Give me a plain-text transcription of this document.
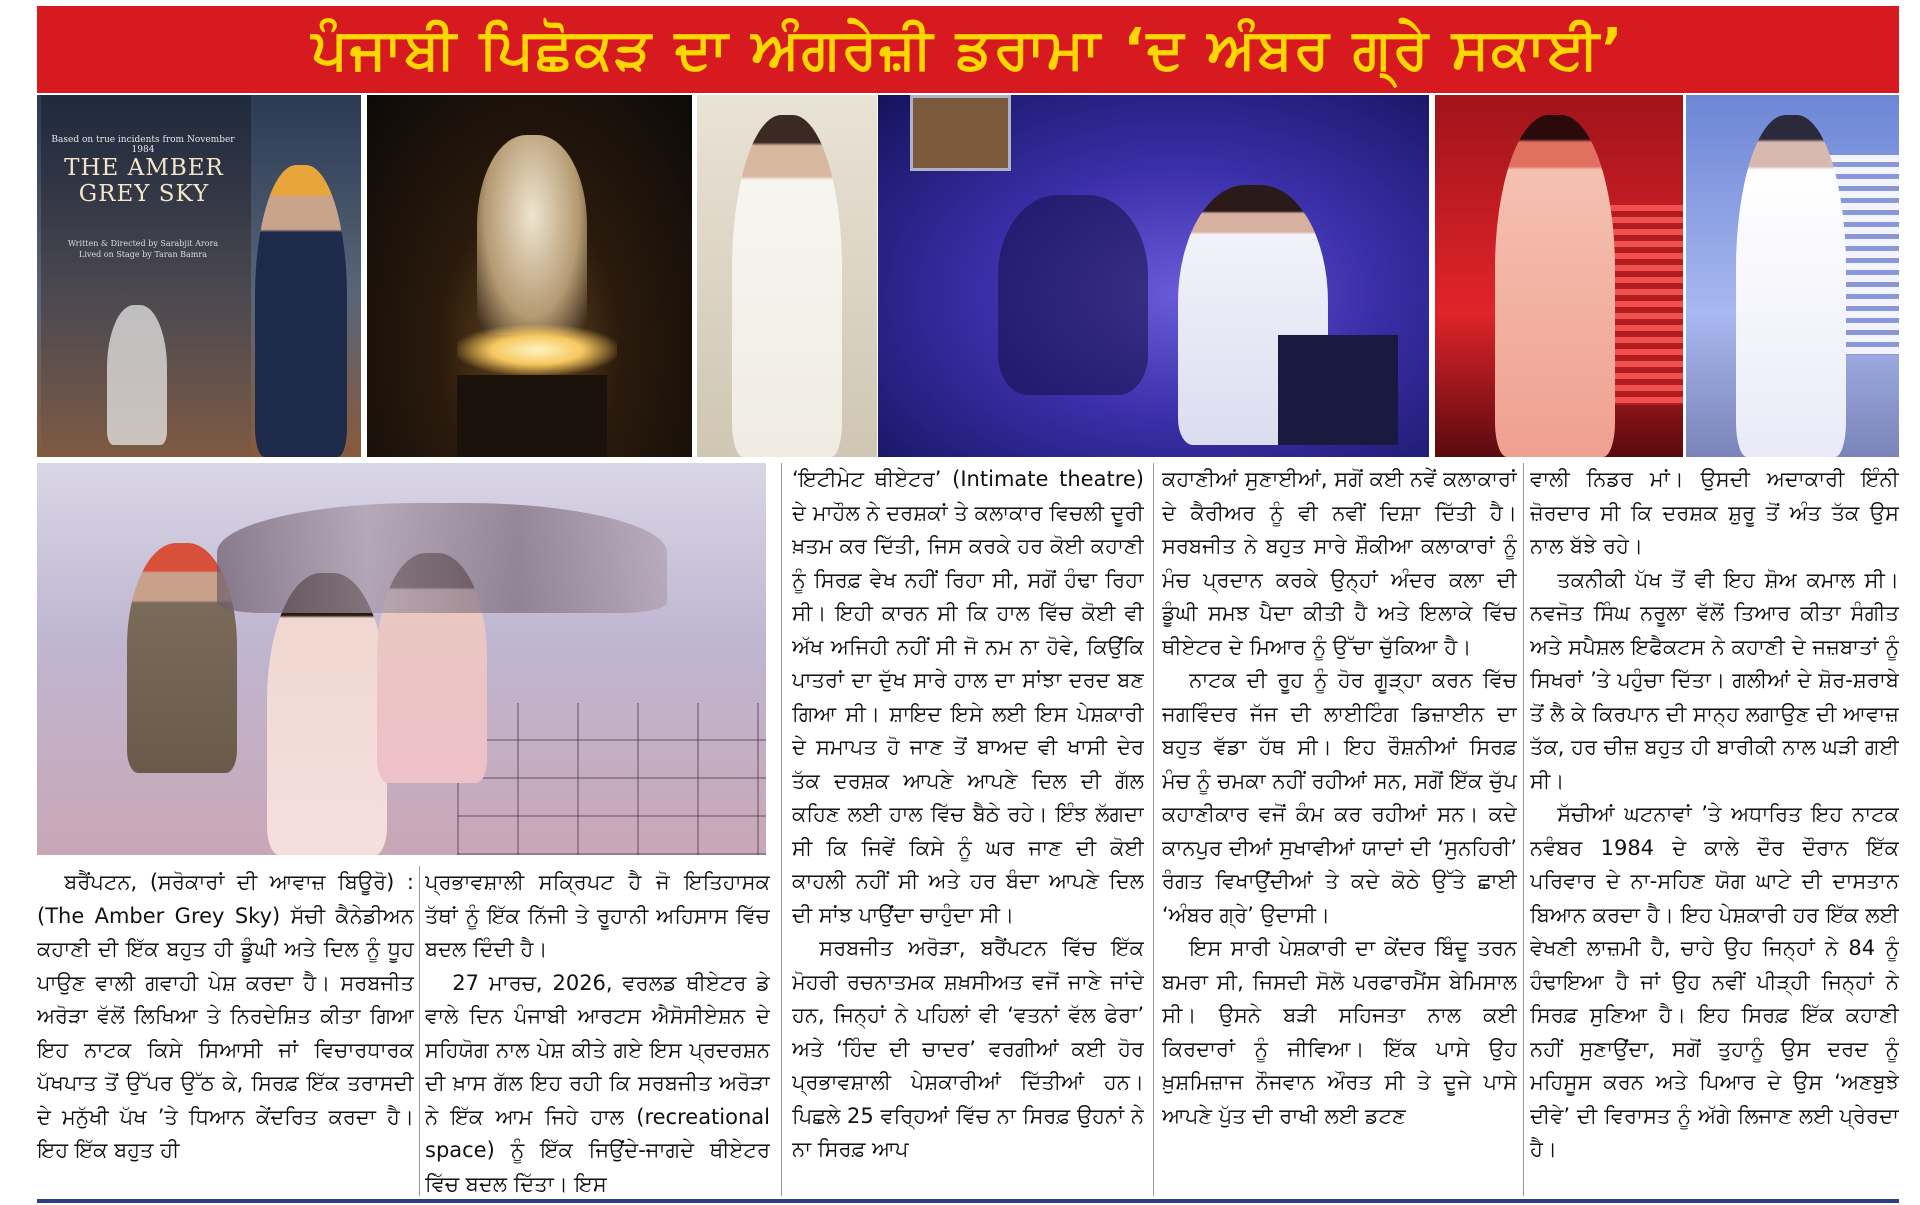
ਪੰਜਾਬੀ ਪਿਛੋਕੜ ਦਾ ਅੰਗਰੇਜ਼ੀ ਡਰਾਮਾ ‘ਦ ਅੰਬਰ ਗ੍ਰੇ ਸਕਾਈ’
Based on true incidents from November 1984
THE AMBER GREY SKY
Written & Directed by Sarabjit Arora
Lived on Stage by Taran Bamra

ਬਰੈਂਪਟਨ, (ਸਰੋਕਾਰਾਂ ਦੀ ਆਵਾਜ਼ ਬਿਊਰੋ) : (The Amber Grey Sky) ਸੱਚੀ ਕੈਨੇਡੀਅਨ ਕਹਾਣੀ ਦੀ ਇੱਕ ਬਹੁਤ ਹੀ ਡੂੰਘੀ ਅਤੇ ਦਿਲ ਨੂੰ ਧੂਹ ਪਾਉਣ ਵਾਲੀ ਗਵਾਹੀ ਪੇਸ਼ ਕਰਦਾ ਹੈ। ਸਰਬਜੀਤ ਅਰੋੜਾ ਵੱਲੋਂ ਲਿਖਿਆ ਤੇ ਨਿਰਦੇਸ਼ਿਤ ਕੀਤਾ ਗਿਆ ਇਹ ਨਾਟਕ ਕਿਸੇ ਸਿਆਸੀ ਜਾਂ ਵਿਚਾਰਧਾਰਕ ਪੱਖਪਾਤ ਤੋਂ ਉੱਪਰ ਉੱਠ ਕੇ, ਸਿਰਫ਼ ਇੱਕ ਤਰਾਸਦੀ ਦੇ ਮਨੁੱਖੀ ਪੱਖ ’ਤੇ ਧਿਆਨ ਕੇਂਦਰਿਤ ਕਰਦਾ ਹੈ। ਇਹ ਇੱਕ ਬਹੁਤ ਹੀ

ਪ੍ਰਭਾਵਸ਼ਾਲੀ ਸਕ੍ਰਿਪਟ ਹੈ ਜੋ ਇਤਿਹਾਸਕ ਤੱਥਾਂ ਨੂੰ ਇੱਕ ਨਿੱਜੀ ਤੇ ਰੂਹਾਨੀ ਅਹਿਸਾਸ ਵਿੱਚ ਬਦਲ ਦਿੰਦੀ ਹੈ।

27 ਮਾਰਚ, 2026, ਵਰਲਡ ਥੀਏਟਰ ਡੇ ਵਾਲੇ ਦਿਨ ਪੰਜਾਬੀ ਆਰਟਸ ਐਸੋਸੀਏਸ਼ਨ ਦੇ ਸਹਿਯੋਗ ਨਾਲ ਪੇਸ਼ ਕੀਤੇ ਗਏ ਇਸ ਪ੍ਰਦਰਸ਼ਨ ਦੀ ਖ਼ਾਸ ਗੱਲ ਇਹ ਰਹੀ ਕਿ ਸਰਬਜੀਤ ਅਰੋੜਾ ਨੇ ਇੱਕ ਆਮ ਜਿਹੇ ਹਾਲ (recreational space) ਨੂੰ ਇੱਕ ਜਿਉਂਦੇ-ਜਾਗਦੇ ਥੀਏਟਰ ਵਿੱਚ ਬਦਲ ਦਿੱਤਾ। ਇਸ

‘ਇਟੀਮੇਟ ਥੀਏਟਰ’ (Intimate theatre) ਦੇ ਮਾਹੌਲ ਨੇ ਦਰਸ਼ਕਾਂ ਤੇ ਕਲਾਕਾਰ ਵਿਚਲੀ ਦੂਰੀ ਖ਼ਤਮ ਕਰ ਦਿੱਤੀ, ਜਿਸ ਕਰਕੇ ਹਰ ਕੋਈ ਕਹਾਣੀ ਨੂੰ ਸਿਰਫ਼ ਵੇਖ ਨਹੀਂ ਰਿਹਾ ਸੀ, ਸਗੋਂ ਹੰਢਾ ਰਿਹਾ ਸੀ। ਇਹੀ ਕਾਰਨ ਸੀ ਕਿ ਹਾਲ ਵਿੱਚ ਕੋਈ ਵੀ ਅੱਖ ਅਜਿਹੀ ਨਹੀਂ ਸੀ ਜੋ ਨਮ ਨਾ ਹੋਵੇ, ਕਿਉਂਕਿ ਪਾਤਰਾਂ ਦਾ ਦੁੱਖ ਸਾਰੇ ਹਾਲ ਦਾ ਸਾਂਝਾ ਦਰਦ ਬਣ ਗਿਆ ਸੀ। ਸ਼ਾਇਦ ਇਸੇ ਲਈ ਇਸ ਪੇਸ਼ਕਾਰੀ ਦੇ ਸਮਾਪਤ ਹੋ ਜਾਣ ਤੋਂ ਬਾਅਦ ਵੀ ਖਾਸੀ ਦੇਰ ਤੱਕ ਦਰਸ਼ਕ ਆਪਣੇ ਆਪਣੇ ਦਿਲ ਦੀ ਗੱਲ ਕਹਿਣ ਲਈ ਹਾਲ ਵਿੱਚ ਬੈਠੇ ਰਹੇ। ਇੰਝ ਲੱਗਦਾ ਸੀ ਕਿ ਜਿਵੇਂ ਕਿਸੇ ਨੂੰ ਘਰ ਜਾਣ ਦੀ ਕੋਈ ਕਾਹਲੀ ਨਹੀਂ ਸੀ ਅਤੇ ਹਰ ਬੰਦਾ ਆਪਣੇ ਦਿਲ ਦੀ ਸਾਂਝ ਪਾਉਂਦਾ ਚਾਹੁੰਦਾ ਸੀ।

ਸਰਬਜੀਤ ਅਰੋੜਾ, ਬਰੈਂਪਟਨ ਵਿੱਚ ਇੱਕ ਮੋਹਰੀ ਰਚਨਾਤਮਕ ਸ਼ਖ਼ਸੀਅਤ ਵਜੋਂ ਜਾਣੇ ਜਾਂਦੇ ਹਨ, ਜਿਨ੍ਹਾਂ ਨੇ ਪਹਿਲਾਂ ਵੀ ‘ਵਤਨਾਂ ਵੱਲ ਫੇਰਾ’ ਅਤੇ ‘ਹਿੰਦ ਦੀ ਚਾਦਰ’ ਵਰਗੀਆਂ ਕਈ ਹੋਰ ਪ੍ਰਭਾਵਸ਼ਾਲੀ ਪੇਸ਼ਕਾਰੀਆਂ ਦਿੱਤੀਆਂ ਹਨ। ਪਿਛਲੇ 25 ਵਰ੍ਹਿਆਂ ਵਿੱਚ ਨਾ ਸਿਰਫ਼ ਉਹਨਾਂ ਨੇ ਨਾ ਸਿਰਫ਼ ਆਪ

ਕਹਾਣੀਆਂ ਸੁਣਾਈਆਂ, ਸਗੋਂ ਕਈ ਨਵੇਂ ਕਲਾਕਾਰਾਂ ਦੇ ਕੈਰੀਅਰ ਨੂੰ ਵੀ ਨਵੀਂ ਦਿਸ਼ਾ ਦਿੱਤੀ ਹੈ। ਸਰਬਜੀਤ ਨੇ ਬਹੁਤ ਸਾਰੇ ਸ਼ੌਕੀਆ ਕਲਾਕਾਰਾਂ ਨੂੰ ਮੰਚ ਪ੍ਰਦਾਨ ਕਰਕੇ ਉਨ੍ਹਾਂ ਅੰਦਰ ਕਲਾ ਦੀ ਡੂੰਘੀ ਸਮਝ ਪੈਦਾ ਕੀਤੀ ਹੈ ਅਤੇ ਇਲਾਕੇ ਵਿੱਚ ਥੀਏਟਰ ਦੇ ਮਿਆਰ ਨੂੰ ਉੱਚਾ ਚੁੱਕਿਆ ਹੈ।

ਨਾਟਕ ਦੀ ਰੂਹ ਨੂੰ ਹੋਰ ਗੂੜ੍ਹਾ ਕਰਨ ਵਿੱਚ ਜਗਵਿੰਦਰ ਜੱਜ ਦੀ ਲਾਈਟਿੰਗ ਡਿਜ਼ਾਈਨ ਦਾ ਬਹੁਤ ਵੱਡਾ ਹੱਥ ਸੀ। ਇਹ ਰੌਸ਼ਨੀਆਂ ਸਿਰਫ਼ ਮੰਚ ਨੂੰ ਚਮਕਾ ਨਹੀਂ ਰਹੀਆਂ ਸਨ, ਸਗੋਂ ਇੱਕ ਚੁੱਪ ਕਹਾਣੀਕਾਰ ਵਜੋਂ ਕੰਮ ਕਰ ਰਹੀਆਂ ਸਨ। ਕਦੇ ਕਾਨਪੁਰ ਦੀਆਂ ਸੁਖਾਵੀਆਂ ਯਾਦਾਂ ਦੀ ‘ਸੁਨਹਿਰੀ’ ਰੰਗਤ ਵਿਖਾਉਂਦੀਆਂ ਤੇ ਕਦੇ ਕੋਠੇ ਉੱਤੇ ਛਾਈ ‘ਅੰਬਰ ਗ੍ਰੇ’ ਉਦਾਸੀ।

ਇਸ ਸਾਰੀ ਪੇਸ਼ਕਾਰੀ ਦਾ ਕੇਂਦਰ ਬਿੰਦੂ ਤਰਨ ਬਮਰਾ ਸੀ, ਜਿਸਦੀ ਸੋਲੋ ਪਰਫਾਰਮੈਂਸ ਬੇਮਿਸਾਲ ਸੀ। ਉਸਨੇ ਬੜੀ ਸਹਿਜਤਾ ਨਾਲ ਕਈ ਕਿਰਦਾਰਾਂ ਨੂੰ ਜੀਵਿਆ। ਇੱਕ ਪਾਸੇ ਉਹ ਖ਼ੁਸ਼ਮਿਜ਼ਾਜ ਨੌਜਵਾਨ ਔਰਤ ਸੀ ਤੇ ਦੂਜੇ ਪਾਸੇ ਆਪਣੇ ਪੁੱਤ ਦੀ ਰਾਖੀ ਲਈ ਡਟਣ

ਵਾਲੀ ਨਿਡਰ ਮਾਂ। ਉਸਦੀ ਅਦਾਕਾਰੀ ਇੰਨੀ ਜ਼ੋਰਦਾਰ ਸੀ ਕਿ ਦਰਸ਼ਕ ਸ਼ੁਰੂ ਤੋਂ ਅੰਤ ਤੱਕ ਉਸ ਨਾਲ ਬੱਝੇ ਰਹੇ।

ਤਕਨੀਕੀ ਪੱਖ ਤੋਂ ਵੀ ਇਹ ਸ਼ੋਅ ਕਮਾਲ ਸੀ। ਨਵਜੋਤ ਸਿੰਘ ਨਰੂਲਾ ਵੱਲੋਂ ਤਿਆਰ ਕੀਤਾ ਸੰਗੀਤ ਅਤੇ ਸਪੈਸ਼ਲ ਇਫੈਕਟਸ ਨੇ ਕਹਾਣੀ ਦੇ ਜਜ਼ਬਾਤਾਂ ਨੂੰ ਸਿਖਰਾਂ ’ਤੇ ਪਹੁੰਚਾ ਦਿੱਤਾ। ਗਲੀਆਂ ਦੇ ਸ਼ੋਰ-ਸ਼ਰਾਬੇ ਤੋਂ ਲੈ ਕੇ ਕਿਰਪਾਨ ਦੀ ਸਾਨ੍ਹ ਲਗਾਉਣ ਦੀ ਆਵਾਜ਼ ਤੱਕ, ਹਰ ਚੀਜ਼ ਬਹੁਤ ਹੀ ਬਾਰੀਕੀ ਨਾਲ ਘੜੀ ਗਈ ਸੀ।

ਸੱਚੀਆਂ ਘਟਨਾਵਾਂ ’ਤੇ ਅਧਾਰਿਤ ਇਹ ਨਾਟਕ ਨਵੰਬਰ 1984 ਦੇ ਕਾਲੇ ਦੌਰ ਦੌਰਾਨ ਇੱਕ ਪਰਿਵਾਰ ਦੇ ਨਾ-ਸਹਿਣ ਯੋਗ ਘਾਟੇ ਦੀ ਦਾਸਤਾਨ ਬਿਆਨ ਕਰਦਾ ਹੈ। ਇਹ ਪੇਸ਼ਕਾਰੀ ਹਰ ਇੱਕ ਲਈ ਵੇਖਣੀ ਲਾਜ਼ਮੀ ਹੈ, ਚਾਹੇ ਉਹ ਜਿਨ੍ਹਾਂ ਨੇ 84 ਨੂੰ ਹੰਢਾਇਆ ਹੈ ਜਾਂ ਉਹ ਨਵੀਂ ਪੀੜ੍ਹੀ ਜਿਨ੍ਹਾਂ ਨੇ ਸਿਰਫ਼ ਸੁਣਿਆ ਹੈ। ਇਹ ਸਿਰਫ਼ ਇੱਕ ਕਹਾਣੀ ਨਹੀਂ ਸੁਣਾਉਂਦਾ, ਸਗੋਂ ਤੁਹਾਨੂੰ ਉਸ ਦਰਦ ਨੂੰ ਮਹਿਸੂਸ ਕਰਨ ਅਤੇ ਪਿਆਰ ਦੇ ਉਸ ‘ਅਣਬੁਝੇ ਦੀਵੇ’ ਦੀ ਵਿਰਾਸਤ ਨੂੰ ਅੱਗੇ ਲਿਜਾਣ ਲਈ ਪ੍ਰੇਰਦਾ ਹੈ।
